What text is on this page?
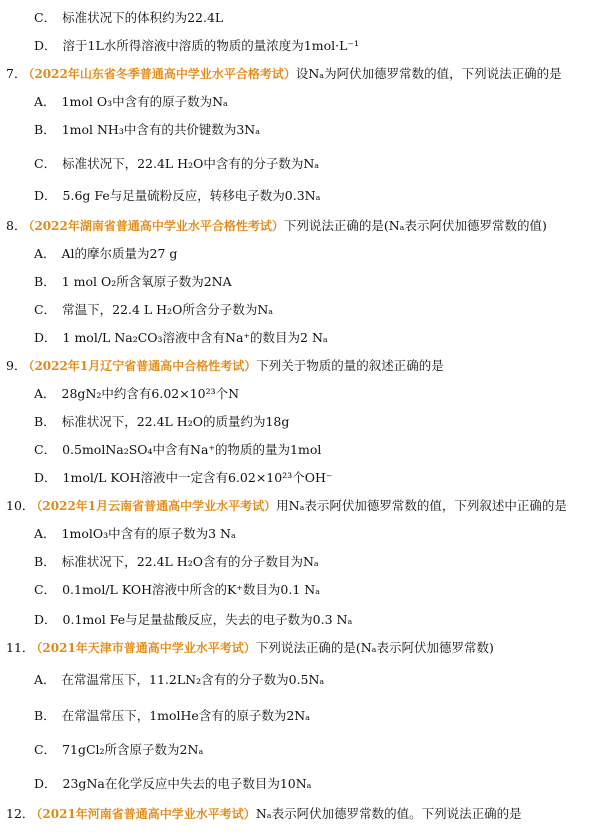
C． 标准状况下的体积约为22.4L
D． 溶于1L水所得溶液中溶质的物质的量浓度为1mol·L⁻¹
7． （2022年山东省冬季普通高中学业水平合格考试）设Nₐ为阿伏加德罗常数的值，下列说法正确的是
A． 1mol O₃中含有的原子数为Nₐ
B． 1mol NH₃中含有的共价键数为3Nₐ
C． 标准状况下，22.4L H₂O中含有的分子数为Nₐ
D． 5.6g Fe与足量硫粉反应，转移电子数为0.3Nₐ
8． （2022年湖南省普通高中学业水平合格性考试）下列说法正确的是(Nₐ表示阿伏加德罗常数的值)
A． Al的摩尔质量为27 g
B． 1 mol O₂所含氧原子数为2NA
C． 常温下，22.4 L H₂O所含分子数为Nₐ
D． 1 mol/L Na₂CO₃溶液中含有Na⁺的数目为2 Nₐ
9． （2022年1月辽宁省普通高中合格性考试）下列关于物质的量的叙述正确的是
A． 28gN₂中约含有6.02×10²³个N
B． 标准状况下，22.4L H₂O的质量约为18g
C． 0.5molNa₂SO₄中含有Na⁺的物质的量为1mol
D． 1mol/L KOH溶液中一定含有6.02×10²³个OH⁻
10． （2022年1月云南省普通高中学业水平考试）用Nₐ表示阿伏加德罗常数的值，下列叙述中正确的是
A． 1molO₃中含有的原子数为3 Nₐ
B． 标准状况下，22.4L H₂O含有的分子数目为Nₐ
C． 0.1mol/L KOH溶液中所含的K⁺数目为0.1 Nₐ
D． 0.1mol Fe与足量盐酸反应，失去的电子数为0.3 Nₐ
11． （2021年天津市普通高中学业水平考试）下列说法正确的是(Nₐ表示阿伏加德罗常数)
A． 在常温常压下，11.2LN₂含有的分子数为0.5Nₐ
B． 在常温常压下，1molHe含有的原子数为2Nₐ
C． 71gCl₂所含原子数为2Nₐ
D． 23gNa在化学反应中失去的电子数目为10Nₐ
12． （2021年河南省普通高中学业水平考试）Nₐ表示阿伏加德罗常数的值。下列说法正确的是
